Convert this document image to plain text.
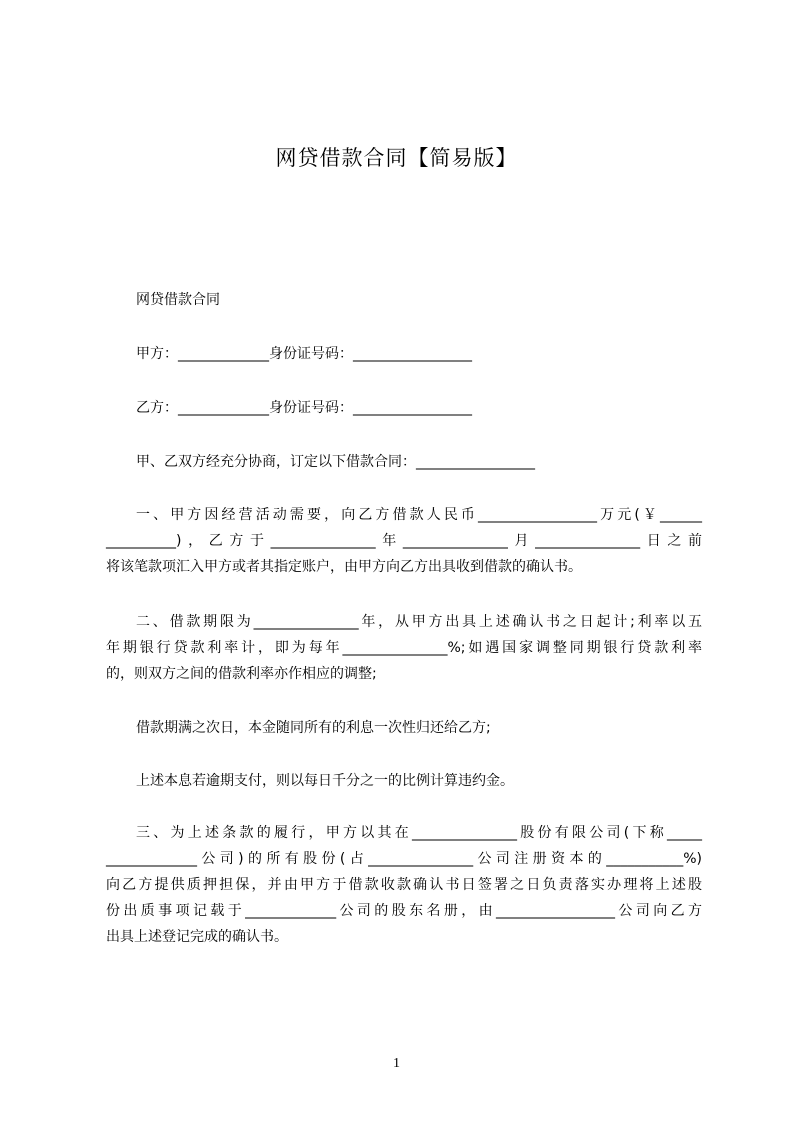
网贷借款合同【简易版】
网贷借款合同
甲方：_____________身份证号码：_________________
乙方：_____________身份证号码：_________________
甲、乙双方经充分协商，订定以下借款合同：_________________
一、甲方因经营活动需要，向乙方借款人民币_________________万元(￥______
__________)，乙方于_______________年_______________月_______________日之前
将该笔款项汇入甲方或者其指定账户，由甲方向乙方出具收到借款的确认书。
二、借款期限为_______________年，从甲方出具上述确认书之日起计;利率以五
年期银行贷款利率计，即为每年_______________%;如遇国家调整同期银行贷款利率
的，则双方之间的借款利率亦作相应的调整;
借款期满之次日，本金随同所有的利息一次性归还给乙方;
上述本息若逾期支付，则以每日千分之一的比例计算违约金。
三、为上述条款的履行，甲方以其在_______________股份有限公司(下称_____
_____________公司)的所有股份(占_______________公司注册资本的___________%)
向乙方提供质押担保，并由甲方于借款收款确认书日签署之日负责落实办理将上述股
份出质事项记载于_____________公司的股东名册，由_________________公司向乙方
出具上述登记完成的确认书。
1
